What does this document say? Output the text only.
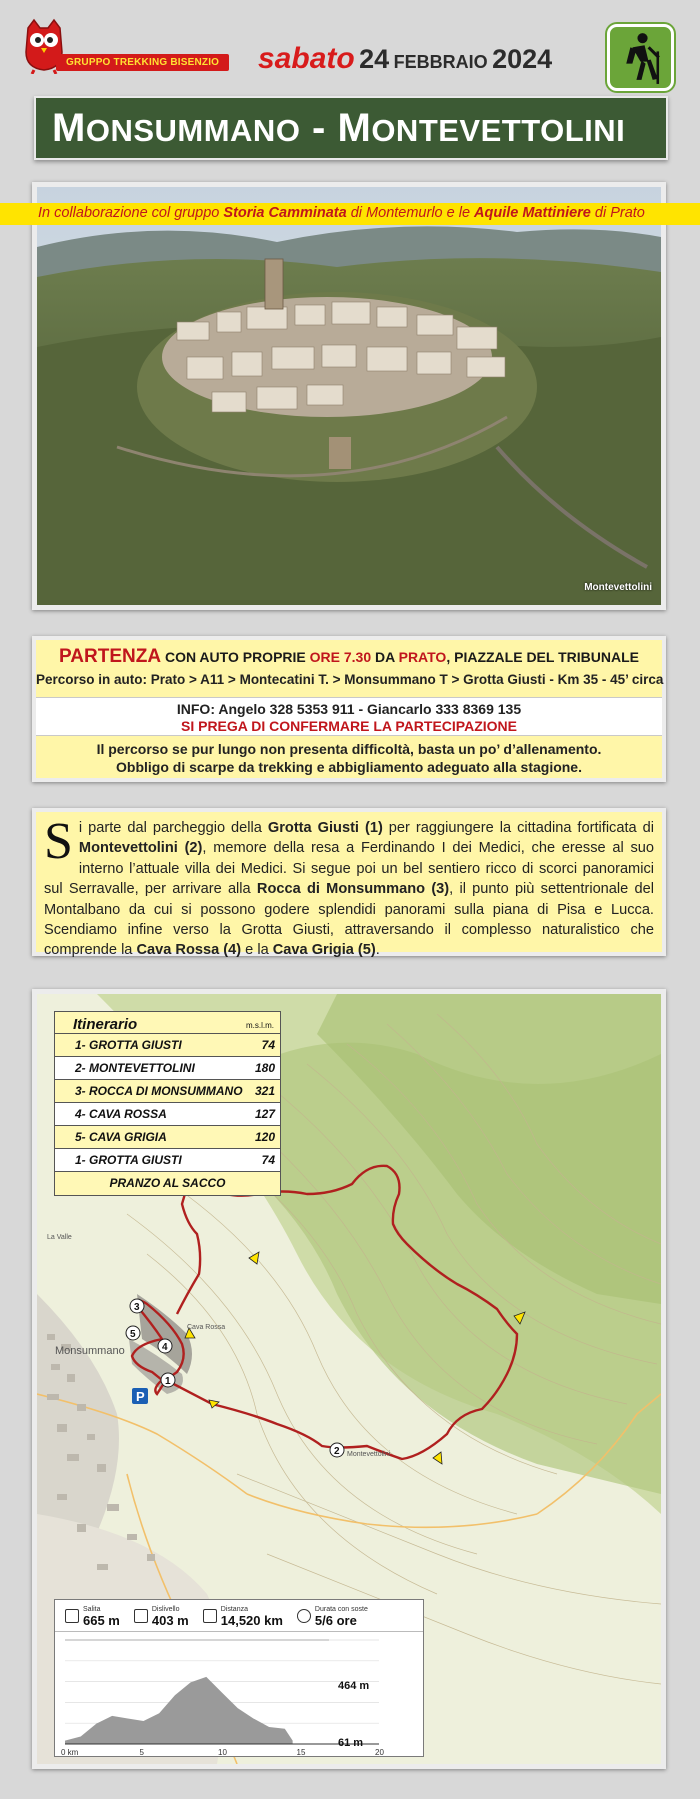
GRUPPO TREKKING BISENZIO	sabato 24 FEBBRAIO 2024
MONSUMMANO - MONTEVETTOLINI
In collaborazione col gruppo Storia Camminata di Montemurlo e le Aquile Mattiniere di Prato
Montevettolini
PARTENZA CON AUTO PROPRIE ORE 7.30 DA PRATO, PIAZZALE DEL TRIBUNALE
Percorso in auto: Prato > A11 > Montecatini T. > Monsummano T > Grotta Giusti - Km 35 - 45’ circa
INFO: Angelo 328 5353 911 - Giancarlo 333 8369 135
SI PREGA DI CONFERMARE LA PARTECIPAZIONE
Il percorso se pur lungo non presenta difficoltà, basta un po’ d’allenamento.
Obbligo di scarpe da trekking e abbigliamento adeguato alla stagione.
Si parte dal parcheggio della Grotta Giusti (1) per raggiungere la cittadina fortificata di Montevettolini (2), memore della resa a Ferdinando I dei Medici, che eresse al suo interno l’attuale villa dei Medici. Si segue poi un bel sentiero ricco di scorci panoramici sul Serravalle, per arrivare alla Rocca di Monsummano (3), il punto più settentrionale del Montalbano da cui si possono godere splendidi panorami sulla piana di Pisa e Lucca. Scendiamo infine verso la Grotta Giusti, attraversando il complesso naturalistico che comprende la Cava Rossa (4) e la Cava Grigia (5).
1
2
3
4
5
P
La Valle
Monsummano
Montevettolini
Cava Rossa
Itinerario	m.s.l.m.
1- GROTTA GIUSTI	74
2- MONTEVETTOLINI	180
3- ROCCA DI MONSUMMANO 321
4- CAVA ROSSA	127
5- CAVA GRIGIA	120
1- GROTTA GIUSTI	74
PRANZO AL SACCO
Salita
665 m
Dislivello
403 m
Distanza
14,520 km
Durata con soste
5/6 ore
464 m
61 m
0 km	5	10	15	20
